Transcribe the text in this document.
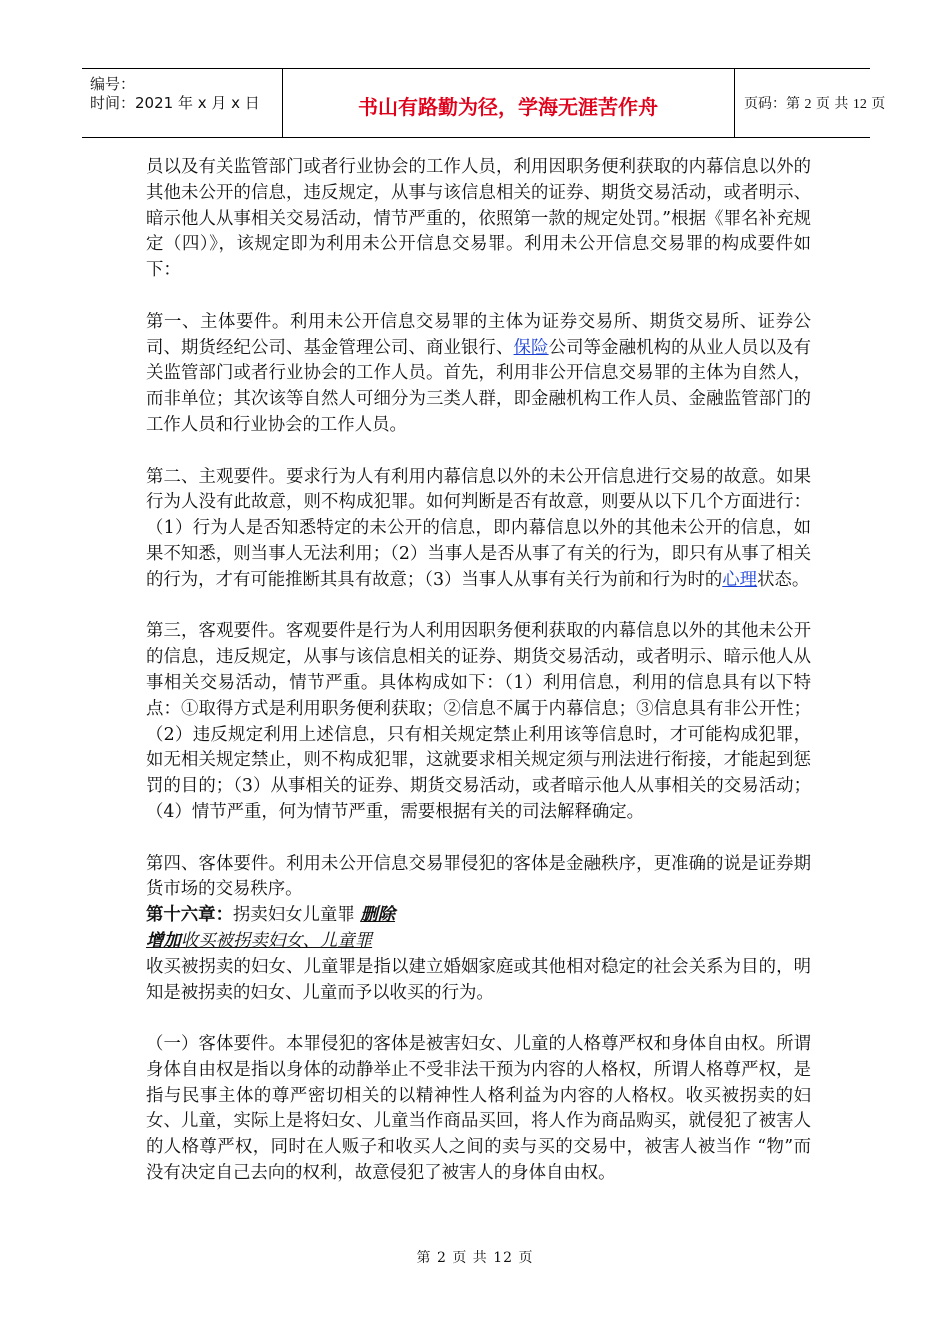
编号：
时间：2021 年 x 月 x 日	书山有路勤为径，学海无涯苦作舟	页码：第 2 页 共 12 页

员以及有关监管部门或者行业协会的工作人员，利用因职务便利获取的内幕信息以外的其他未公开的信息，违反规定，从事与该信息相关的证券、期货交易活动，或者明示、暗示他人从事相关交易活动，情节严重的，依照第一款的规定处罚。”根据《罪名补充规定（四）》，该规定即为利用未公开信息交易罪。利用未公开信息交易罪的构成要件如下：

第一、主体要件。利用未公开信息交易罪的主体为证券交易所、期货交易所、证券公司、期货经纪公司、基金管理公司、商业银行、保险公司等金融机构的从业人员以及有关监管部门或者行业协会的工作人员。首先，利用非公开信息交易罪的主体为自然人，而非单位；其次该等自然人可细分为三类人群，即金融机构工作人员、金融监管部门的工作人员和行业协会的工作人员。

第二、主观要件。要求行为人有利用内幕信息以外的未公开信息进行交易的故意。如果行为人没有此故意，则不构成犯罪。如何判断是否有故意，则要从以下几个方面进行：（1）行为人是否知悉特定的未公开的信息，即内幕信息以外的其他未公开的信息，如果不知悉，则当事人无法利用；（2）当事人是否从事了有关的行为，即只有从事了相关的行为，才有可能推断其具有故意；（3）当事人从事有关行为前和行为时的心理状态。

第三，客观要件。客观要件是行为人利用因职务便利获取的内幕信息以外的其他未公开的信息，违反规定，从事与该信息相关的证券、期货交易活动，或者明示、暗示他人从事相关交易活动，情节严重。具体构成如下：（1）利用信息，利用的信息具有以下特点：①取得方式是利用职务便利获取；②信息不属于内幕信息；③信息具有非公开性；（2）违反规定利用上述信息，只有相关规定禁止利用该等信息时，才可能构成犯罪，如无相关规定禁止，则不构成犯罪，这就要求相关规定须与刑法进行衔接，才能起到惩罚的目的；（3）从事相关的证券、期货交易活动，或者暗示他人从事相关的交易活动；（4）情节严重，何为情节严重，需要根据有关的司法解释确定。

第四、客体要件。利用未公开信息交易罪侵犯的客体是金融秩序，更准确的说是证券期货市场的交易秩序。

第十六章：拐卖妇女儿童罪 删除

增加收买被拐卖妇女、儿童罪

收买被拐卖的妇女、儿童罪是指以建立婚姻家庭或其他相对稳定的社会关系为目的，明知是被拐卖的妇女、儿童而予以收买的行为。

（一）客体要件。本罪侵犯的客体是被害妇女、儿童的人格尊严权和身体自由权。所谓身体自由权是指以身体的动静举止不受非法干预为内容的人格权，所谓人格尊严权，是指与民事主体的尊严密切相关的以精神性人格利益为内容的人格权。收买被拐卖的妇女、儿童，实际上是将妇女、儿童当作商品买回，将人作为商品购买，就侵犯了被害人的人格尊严权，同时在人贩子和收买人之间的卖与买的交易中，被害人被当作 “物”而没有决定自己去向的权利，故意侵犯了被害人的身体自由权。

第 2 页 共 12 页
